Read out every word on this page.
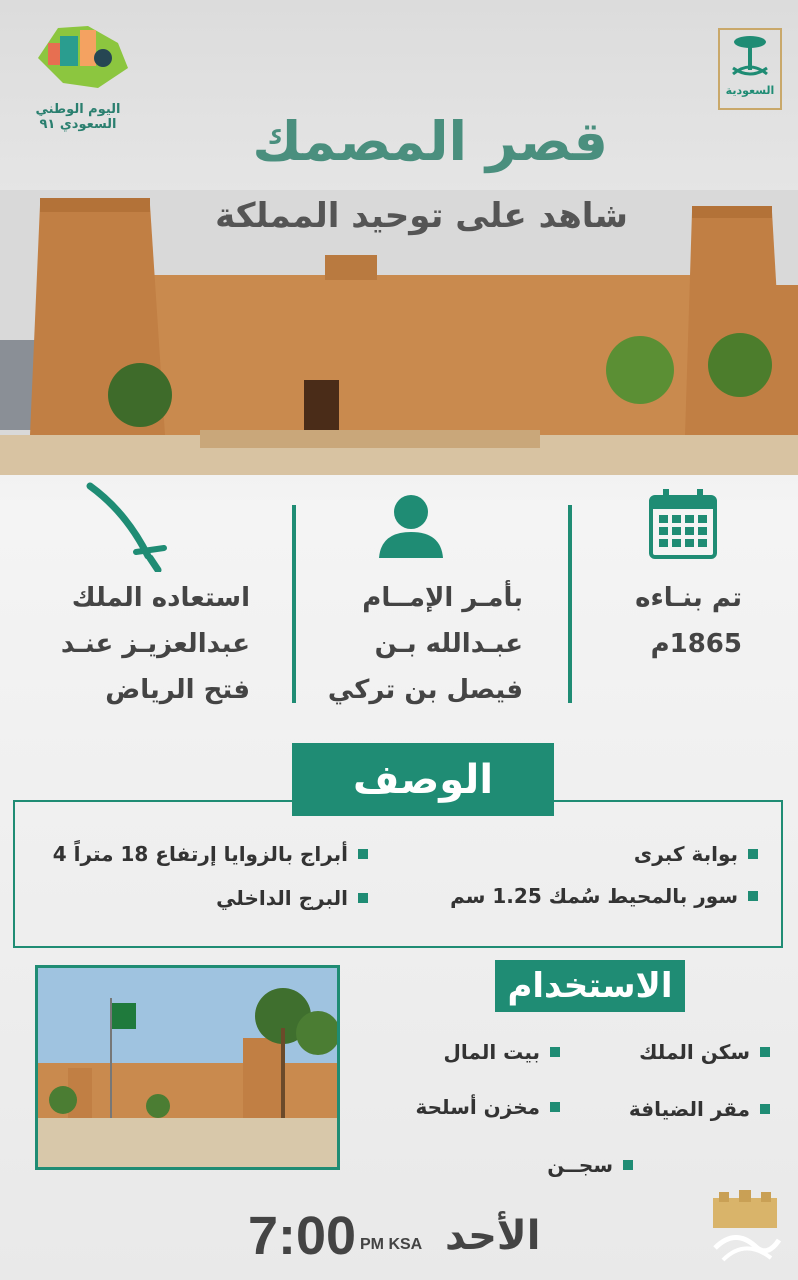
اليوم الوطني
السعودي ٩١
السعودية
قصر المصمك
شاهد على توحيد المملكة
تم بنـاءه
1865م
بأمـر الإمــام
عبـدالله بـن
فيصل بن تركي
استعاده الملك
عبدالعزيـز عنـد
فتح الرياض
الوصف
بوابة كبرى
أبراج بالزوايا إرتفاع 18 متراً 4
سور بالمحيط سُمك 1.25 سم
البرج الداخلي
الاستخدام
سكن الملك
بيت المال
مقر الضيافة
مخزن أسلحة
سجــن
7:00 PM KSA الأحد
